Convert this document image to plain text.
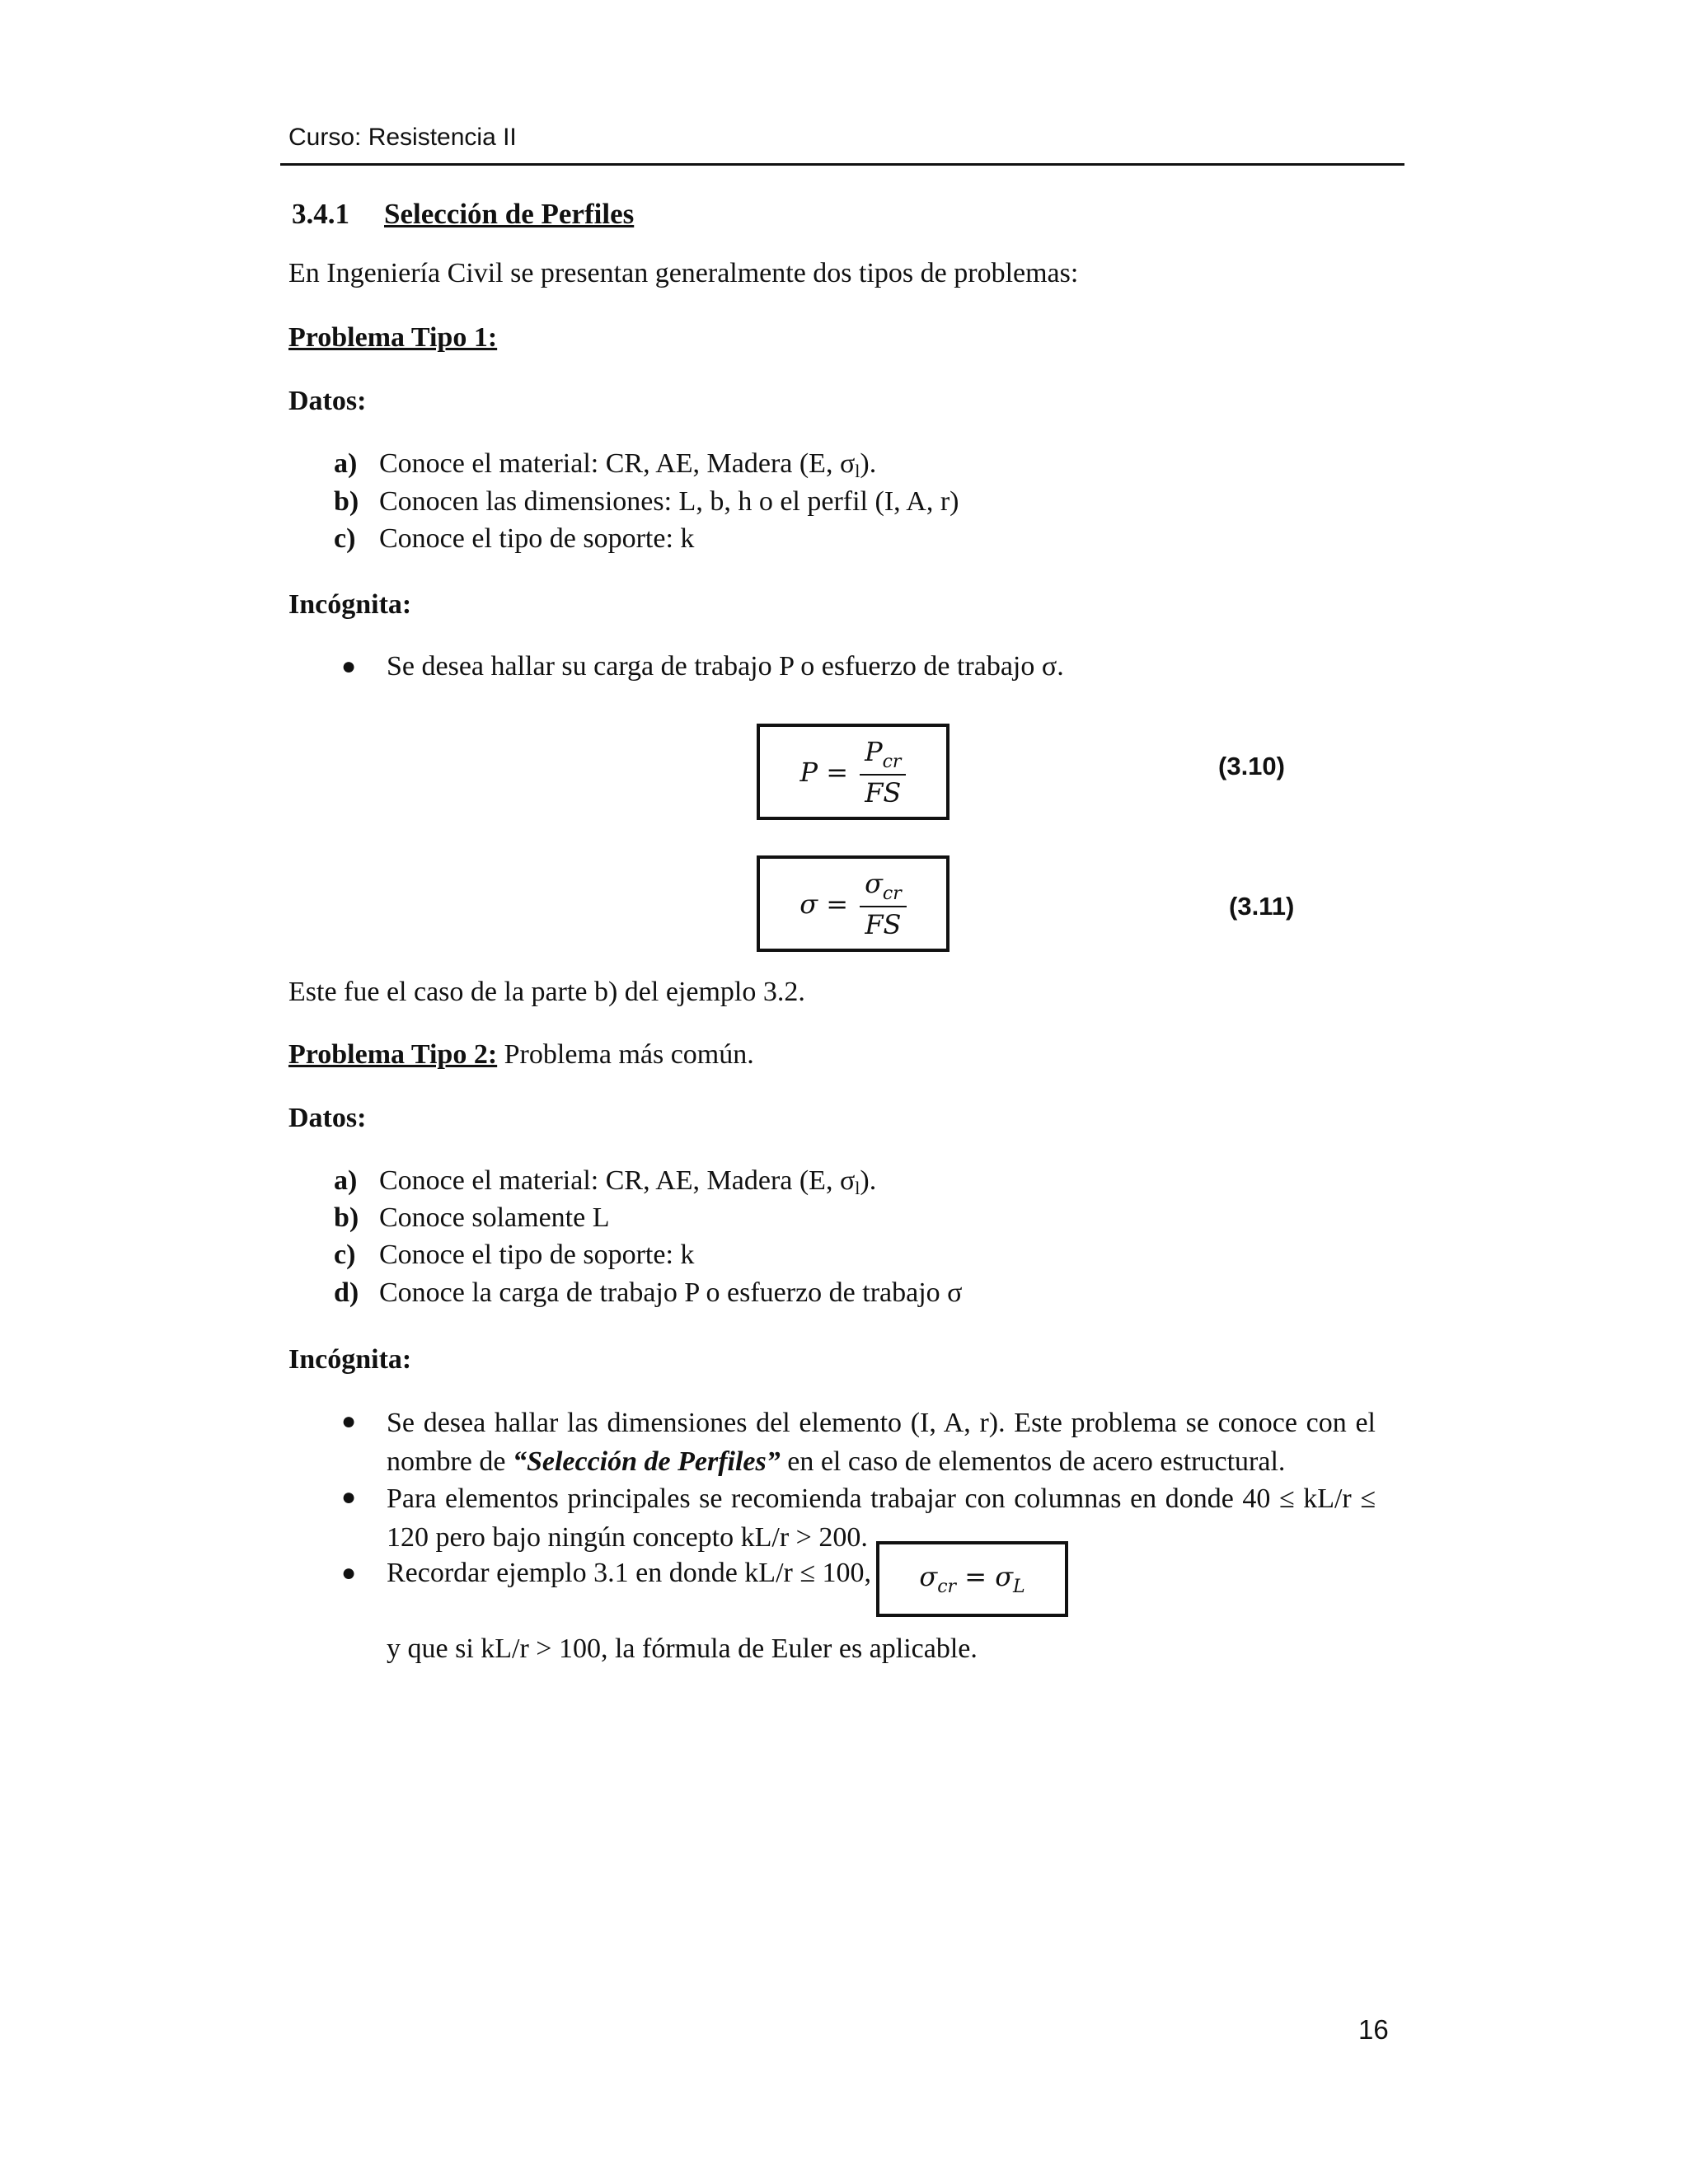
Curso: Resistencia II
3.4.1 Selección de Perfiles
En Ingeniería Civil se presentan generalmente dos tipos de problemas:
Problema Tipo 1:
Datos:
a) Conoce el material: CR, AE, Madera (E, σl).
b) Conocen las dimensiones: L, b, h o el perfil (I, A, r)
c) Conoce el tipo de soporte: k
Incógnita:
● Se desea hallar su carga de trabajo P o esfuerzo de trabajo σ.
$P = \frac{P_{cr}}{FS}$	(3.10)
$\sigma = \frac{\sigma_{cr}}{FS}$	(3.11)
Este fue el caso de la parte b) del ejemplo 3.2.
Problema Tipo 2: Problema más común.
Datos:
a) Conoce el material: CR, AE, Madera (E, σl).
b) Conoce solamente L
c) Conoce el tipo de soporte: k
d) Conoce la carga de trabajo P o esfuerzo de trabajo σ
Incógnita:
● Se desea hallar las dimensiones del elemento (I, A, r). Este problema se conoce con el nombre de “Selección de Perfiles” en el caso de elementos de acero estructural.
● Para elementos principales se recomienda trabajar con columnas en donde 40 ≤ kL/r ≤ 120 pero bajo ningún concepto kL/r > 200.
● Recordar ejemplo 3.1 en donde kL/r ≤ 100, $\sigma_{cr} = \sigma_L$
y que si kL/r > 100, la fórmula de Euler es aplicable.
16
